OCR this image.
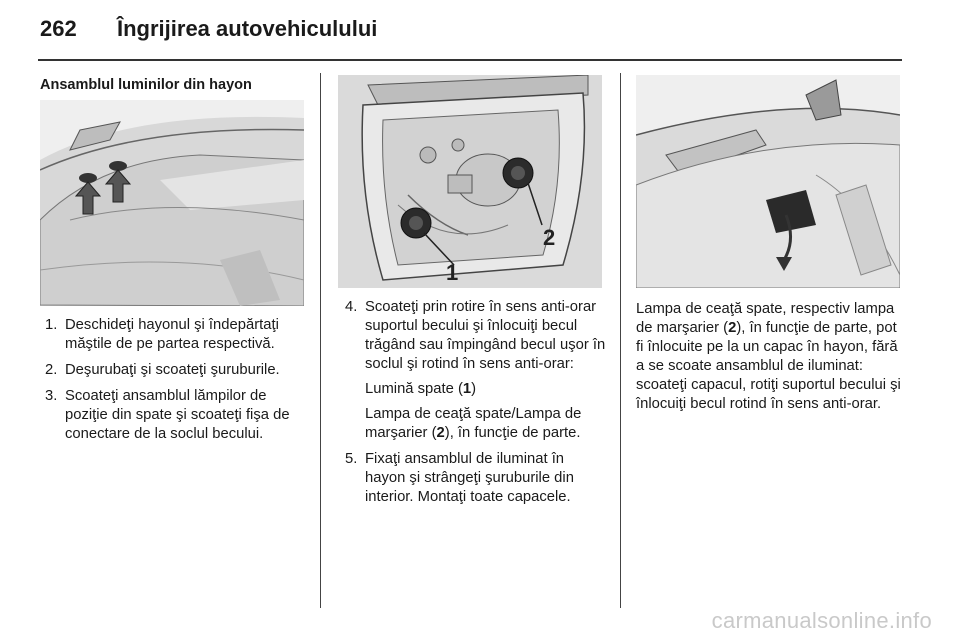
262 Îngrijirea autovehiculului
Ansamblul luminilor din hayon
1. Deschideţi hayonul şi îndepărtaţi măştile de pe partea respectivă.
2. Deşurubaţi şi scoateţi şuruburile.
3. Scoateţi ansamblul lămpilor de poziţie din spate şi scoateţi fişa de conectare de la soclul becului.
1
2
4. Scoateţi prin rotire în sens anti-orar suportul becului şi înlocuiţi becul trăgând sau împingând becul uşor în soclul şi rotind în sens anti-orar:
Lumină spate (1)
Lampa de ceaţă spate/Lampa de marşarier (2), în funcţie de parte.
5. Fixaţi ansamblul de iluminat în hayon şi strângeţi şuruburile din interior. Montaţi toate capacele.
Lampa de ceaţă spate, respectiv lampa de marşarier (2), în funcţie de parte, pot fi înlocuite pe la un capac în hayon, fără a se scoate ansamblul de iluminat: scoateţi capacul, rotiţi suportul becului şi înlocuiţi becul rotind în sens anti-orar.
carmanualsonline.info
